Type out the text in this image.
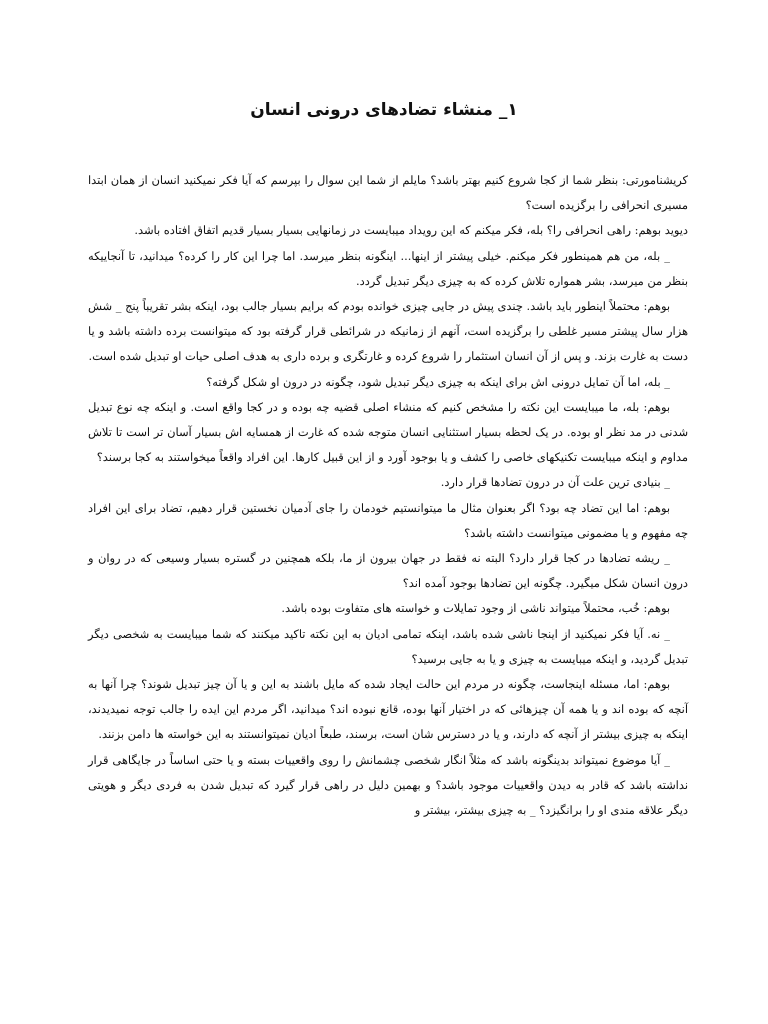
۱_ منشاء تضادهای درونی انسان

کریشنامورتی: بنظر شما از کجا شروع کنیم بهتر باشد؟ مایلم از شما این سوال را بپرسم که آیا فکر نمیکنید انسان از همان ابتدا مسیری انحرافی را برگزیده است؟

دیوید بوهم: راهی انحرافی را؟ بله، فکر میکنم که این رویداد میبایست در زمانهایی بسیار بسیار قدیم اتفاق افتاده باشد.

_ بله، من هم همینطور فکر میکنم. خیلی پیشتر از اینها... اینگونه بنظر میرسد. اما چرا این کار را کرده؟ میدانید، تا آنجاییکه بنظر من میرسد، بشر همواره تلاش کرده که به چیزی دیگر تبدیل گردد.

بوهم: محتملاً اینطور باید باشد. چندی پیش در جایی چیزی خوانده بودم که برایم بسیار جالب بود، اینکه بشر تقریباً پنج _ شش هزار سال پیشتر مسیر غلطی را برگزیده است، آنهم از زمانیکه در شرائطی قرار گرفته بود که میتوانست برده داشته باشد و یا دست به غارت بزند. و پس از آن انسان استثمار را شروع کرده و غارتگری و برده داری به هدف اصلی حیات او تبدیل شده است.

_ بله، اما آن تمایل درونی اش برای اینکه به چیزی دیگر تبدیل شود، چگونه در درون او شکل گرفته؟

بوهم: بله، ما میبایست این نکته را مشخص کنیم که منشاء اصلی قضیه چه بوده و در کجا واقع است. و اینکه چه نوع تبدیل شدنی در مد نظر او بوده. در یک لحظه بسیار استثنایی انسان متوجه شده که غارت از همسایه اش بسیار آسان تر است تا تلاش مداوم و اینکه میبایست تکنیکهای خاصی را کشف و یا بوجود آورد و از این قبیل کارها. این افراد واقعاً میخواستند به کجا برسند؟

_ بنیادی ترین علت آن در درون تضادها قرار دارد.

بوهم: اما این تضاد چه بود؟ اگر بعنوان مثال ما میتوانستیم خودمان را جای آدمیان نخستین قرار دهیم، تضاد برای این افراد چه مفهوم و یا مضمونی میتوانست داشته باشد؟

_ ریشه تضادها در کجا قرار دارد؟ البته نه فقط در جهان بیرون از ما، بلکه همچنین در گستره بسیار وسیعی که در روان و درون انسان شکل میگیرد. چگونه این تضادها بوجود آمده اند؟

بوهم: خُب، محتملاً میتواند ناشی از وجود تمایلات و خواسته های متفاوت بوده باشد.

_ نه. آیا فکر نمیکنید از اینجا ناشی شده باشد، اینکه تمامی ادیان به این نکته تاکید میکنند که شما میبایست به شخصی دیگر تبدیل گردید، و اینکه میبایست به چیزی و یا به جایی برسید؟

بوهم: اما، مسئله اینجاست، چگونه در مردم این حالت ایجاد شده که مایل باشند به این و یا آن چیز تبدیل شوند؟ چرا آنها به آنچه که بوده اند و یا همه آن چیزهائی که در اختیار آنها بوده، قانع نبوده اند؟ میدانید، اگر مردم این ایده را جالب توجه نمیدیدند، اینکه به چیزی بیشتر از آنچه که دارند، و یا در دسترس شان است، برسند، طبعاً ادیان نمیتوانستند به این خواسته ها دامن بزنند.

_ آیا موضوع نمیتواند بدینگونه باشد که مثلاً انگار شخصی چشمانش را روی واقعییات بسته و یا حتی اساساً در جایگاهی قرار نداشته باشد که قادر به دیدن واقعییات موجود باشد؟ و بهمین دلیل در راهی قرار گیرد که تبدیل شدن به فردی دیگر و هویتی دیگر علاقه مندی او را برانگیزد؟ _ به چیزی بیشتر، بیشتر و
